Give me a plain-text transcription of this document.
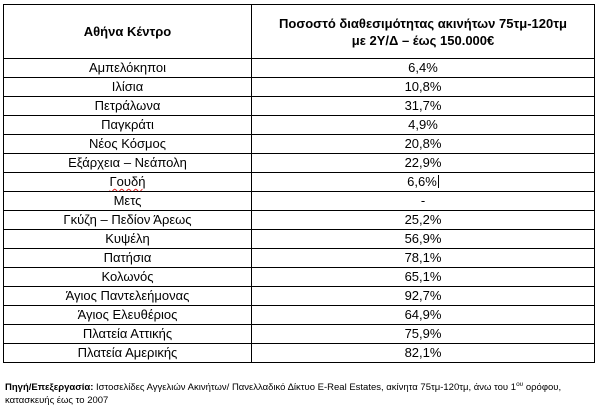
Αθήνα Κέντρο	Ποσοστό διαθεσιμότητας ακινήτων 75τμ-120τμ
με 2Υ/Δ – έως 150.000€
Αμπελόκηποι	6,4%
Ιλίσια	10,8%
Πετράλωνα	31,7%
Παγκράτι	4,9%
Νέος Κόσμος	20,8%
Εξάρχεια – Νεάπολη	22,9%
Γουδή	6,6%
Μετς	-
Γκύζη – Πεδίον Άρεως	25,2%
Κυψέλη	56,9%
Πατήσια	78,1%
Κολωνός	65,1%
Άγιος Παντελεήμονας	92,7%
Άγιος Ελευθέριος	64,9%
Πλατεία Αττικής	75,9%
Πλατεία Αμερικής	82,1%
Πηγή/Επεξεργασία: Ιστοσελίδες Αγγελιών Ακινήτων/ Πανελλαδικό Δίκτυο E-Real Estates, ακίνητα 75τμ-120τμ, άνω του $1^{o\upsilon}$ ορόφου, κατασκευής έως το 2007
